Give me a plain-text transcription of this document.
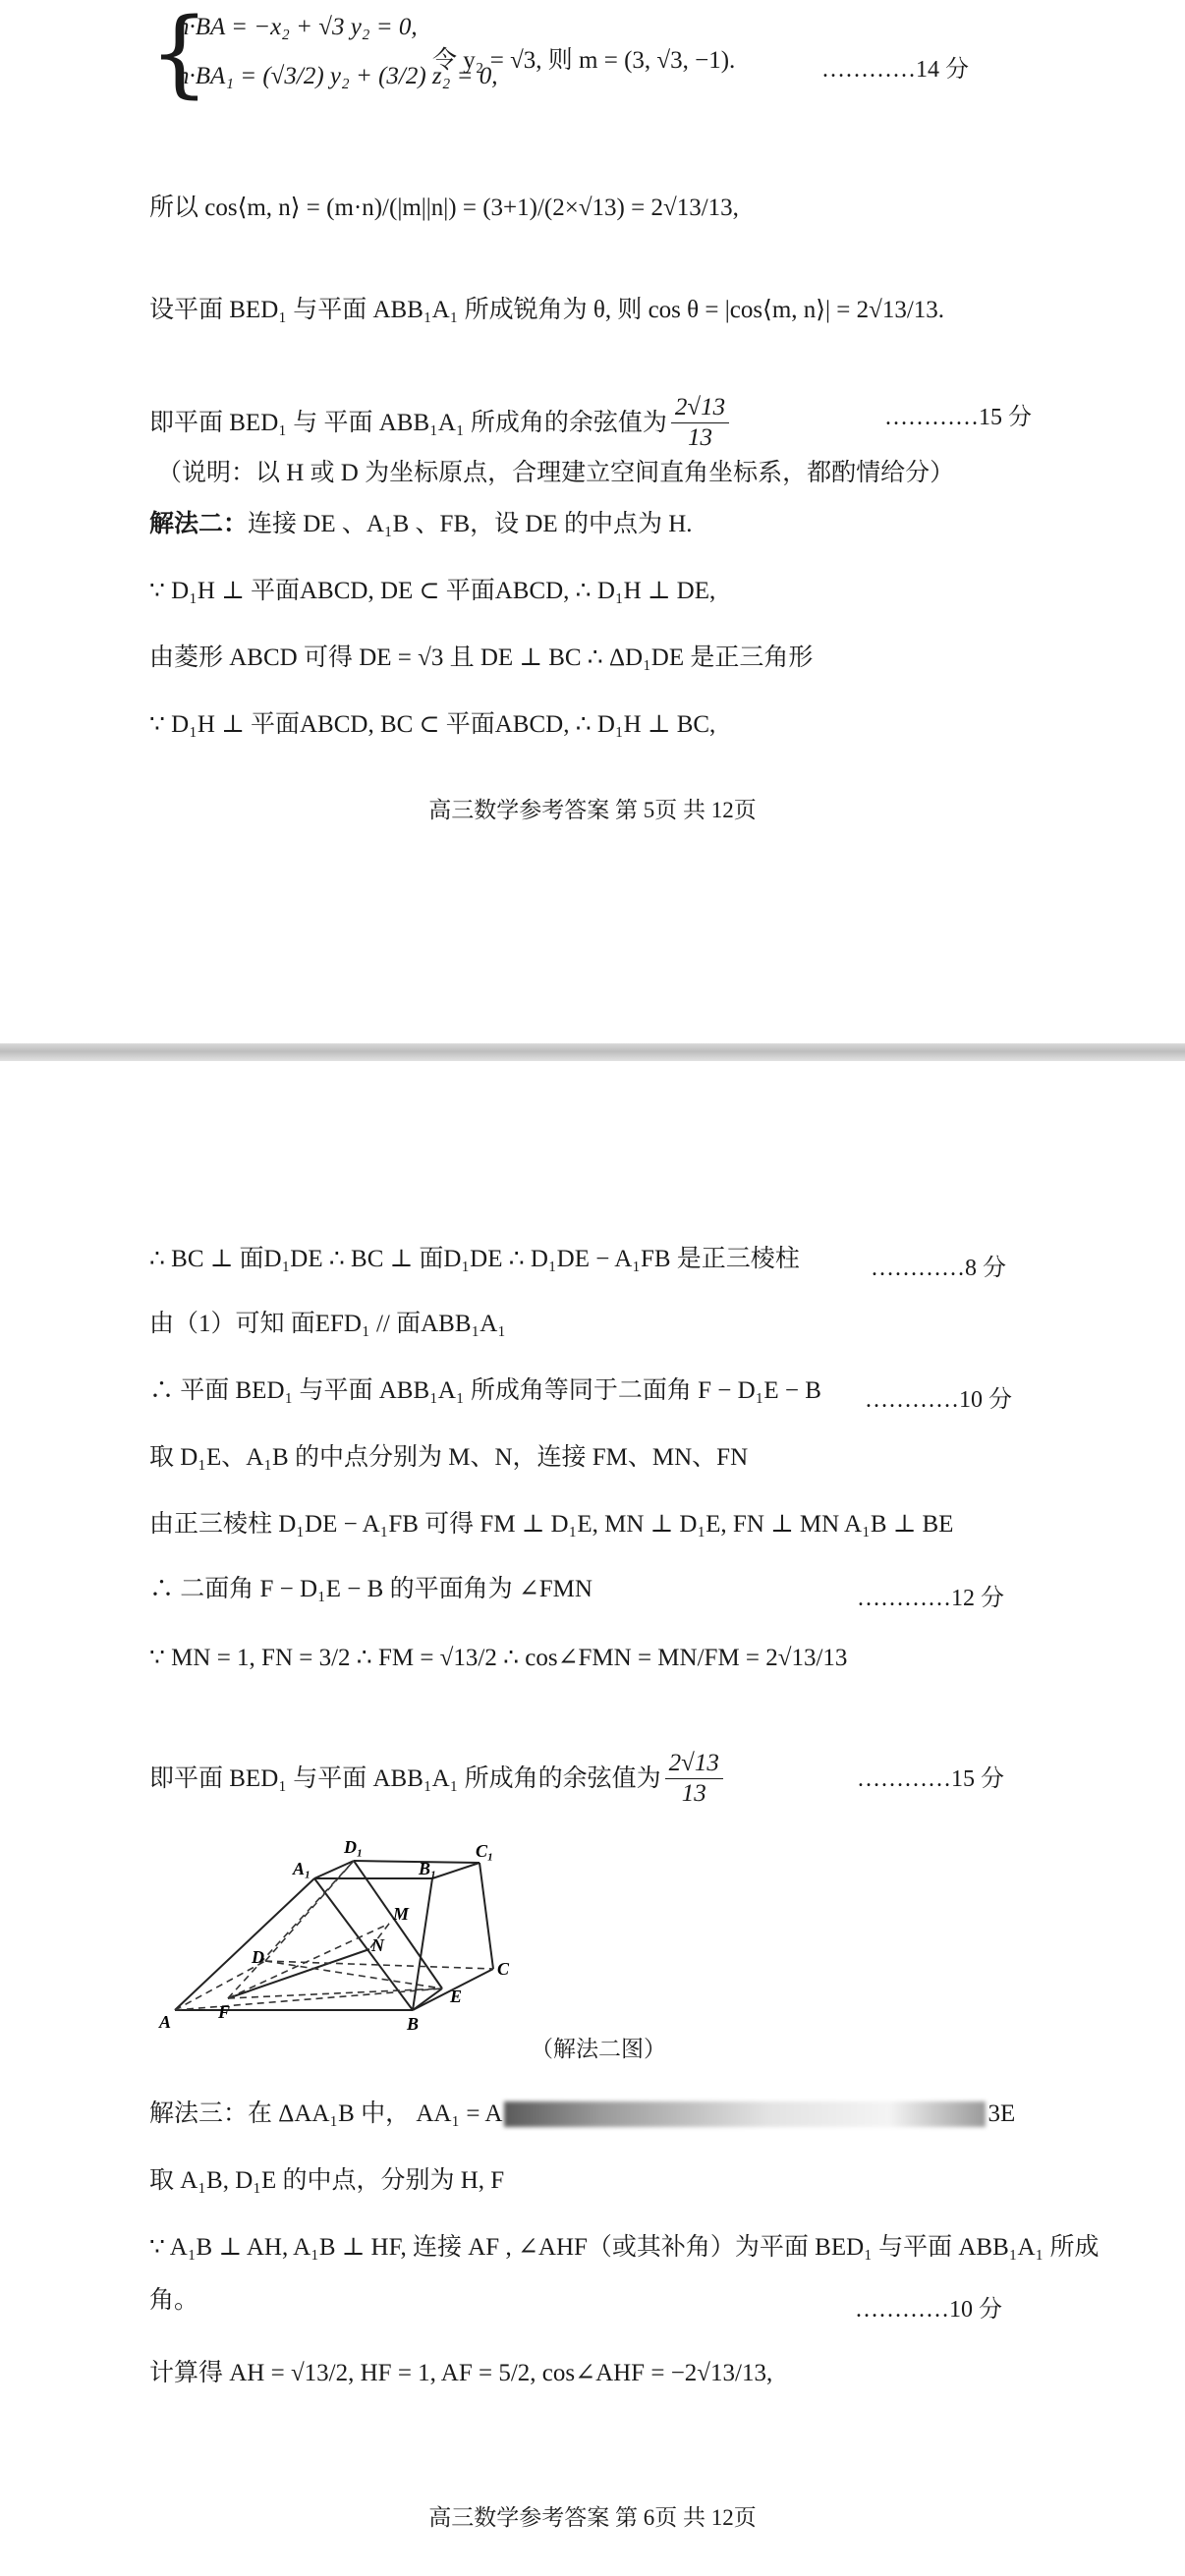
{
n·BA = −x₂ + √3 y₂ = 0,
n·BA₁ = (√3/2) y₂ + (3/2) z₂ = 0,
令 y₂ = √3, 则 m = (3, √3, −1).	…………14 分
所以 cos⟨m, n⟩ = (m·n)/(|m||n|) = (3+1)/(2×√13) = 2√13/13,
设平面 BED₁ 与平面 ABB₁A₁ 所成锐角为 θ, 则 cos θ = |cos⟨m, n⟩| = 2√13/13.
即平面 BED₁ 与 平面 ABB₁A₁ 所成角的余弦值为 $\frac{2√13}{13}$	…………15 分
（说明：以 H 或 D 为坐标原点，合理建立空间直角坐标系，都酌情给分）
解法二： 连接 DE 、A₁B 、FB，设 DE 的中点为 H.
∵ D₁H ⊥ 平面ABCD, DE ⊂ 平面ABCD, ∴ D₁H ⊥ DE,
由菱形 ABCD 可得 DE = √3 且 DE ⊥ BC ∴ ΔD₁DE 是正三角形
∵ D₁H ⊥ 平面ABCD, BC ⊂ 平面ABCD, ∴ D₁H ⊥ BC,
高三数学参考答案 第 5页 共 12页
∴ BC ⊥ 面D₁DE ∴ BC ⊥ 面D₁DE ∴ D₁DE − A₁FB 是正三棱柱	…………8 分
由（1）可知 面EFD₁ // 面ABB₁A₁
∴ 平面 BED₁ 与平面 ABB₁A₁ 所成角等同于二面角 F − D₁E − B …………10 分
取 D₁E、A₁B 的中点分别为 M、N，连接 FM、MN、FN
由正三棱柱 D₁DE − A₁FB 可得 FM ⊥ D₁E, MN ⊥ D₁E, FN ⊥ MN A₁B ⊥ BE
∴ 二面角 F − D₁E − B 的平面角为 ∠FMN	…………12 分
∵ MN = 1, FN = 3/2 ∴ FM = √13/2 ∴ cos∠FMN = MN/FM = 2√13/13
即平面 BED₁ 与平面 ABB₁A₁ 所成角的余弦值为 $\frac{2√13}{13}$	…………15 分
D₁
A₁	B₁
C₁
M
N
D
C
F
E
A	B
（解法二图）
解法三：在 ΔAA₁B 中， AA₁ = A	3E
取 A₁B, D₁E 的中点，分别为 H, F
∵ A₁B ⊥ AH, A₁B ⊥ HF, 连接 AF , ∠AHF（或其补角）为平面 BED₁ 与平面 ABB₁A₁ 所成
角。	…………10 分
计算得 AH = √13/2, HF = 1, AF = 5/2, cos∠AHF = −2√13/13,
高三数学参考答案 第 6页 共 12页
